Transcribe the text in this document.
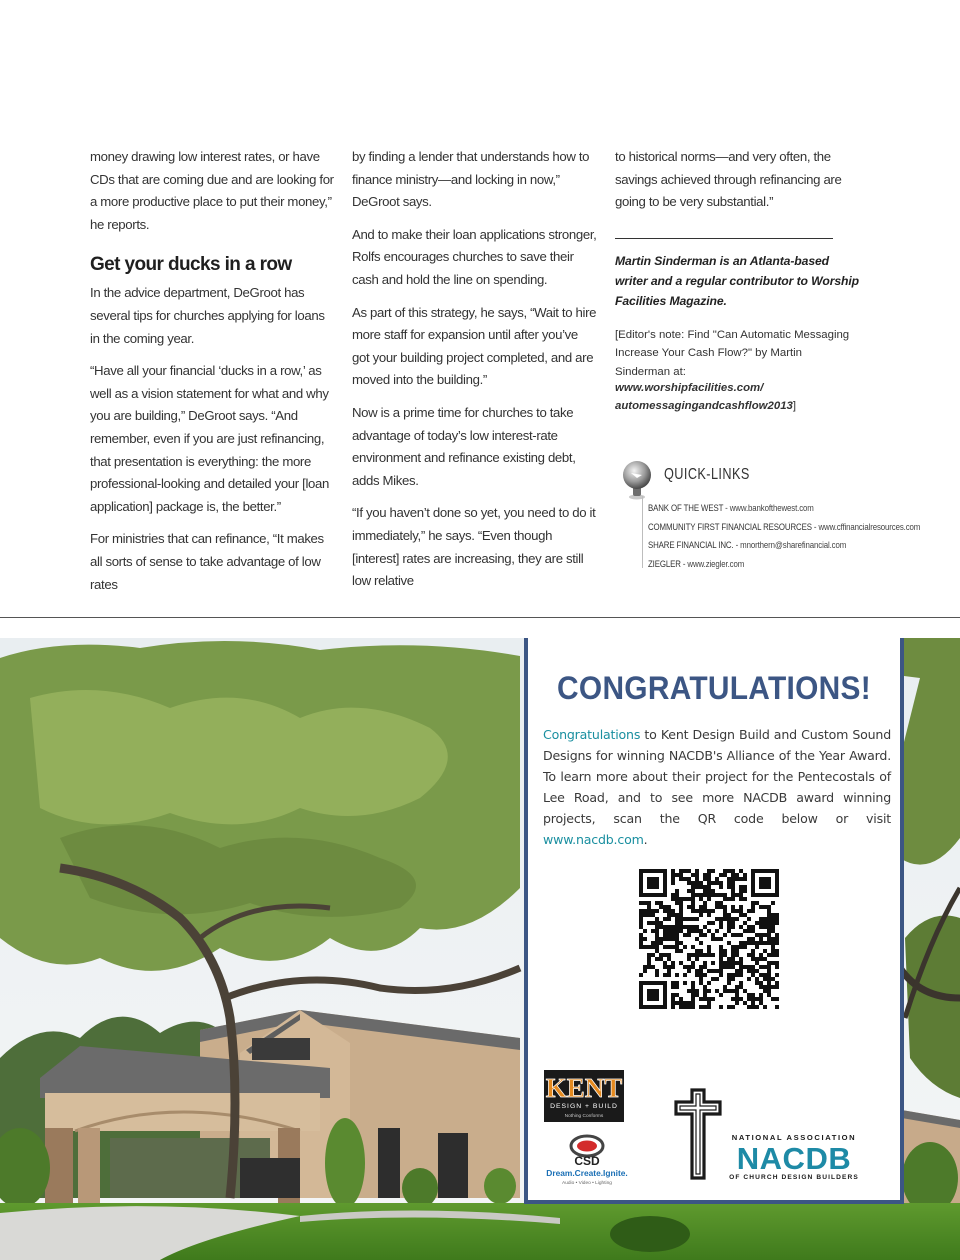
money drawing low interest rates, or have CDs that are coming due and are looking for a more productive place to put their money,” he reports.

Get your ducks in a row

In the advice department, DeGroot has several tips for churches applying for loans in the coming year.

“Have all your financial ‘ducks in a row,’ as well as a vision statement for what and why you are building,” DeGroot says. “And remember, even if you are just refinancing, that presentation is everything: the more professional-looking and detailed your [loan application] package is, the better.”

For ministries that can refinance, “It makes all sorts of sense to take advantage of low rates

by finding a lender that understands how to finance ministry—and locking in now,” DeGroot says.

And to make their loan applications stronger, Rolfs encourages churches to save their cash and hold the line on spending.

As part of this strategy, he says, “Wait to hire more staff for expansion until after you’ve got your building project completed, and are moved into the building.”

Now is a prime time for churches to take advantage of today’s low interest-rate environment and refinance existing debt, adds Mikes.

“If you haven’t done so yet, you need to do it immediately,” he says. “Even though [interest] rates are increasing, they are still low relative

to historical norms—and very often, the savings achieved through refinancing are going to be very substantial.”

Martin Sinderman is an Atlanta-based writer and a regular contributor to Worship Facilities Magazine.
[Editor's note: Find "Can Automatic Messaging Increase Your Cash Flow?" by Martin Sinderman at:
www.worshipfacilities.com/
automessagingandcashflow2013]
QUICK-LINKS
BANK OF THE WEST - www.bankofthewest.com
COMMUNITY FIRST FINANCIAL RESOURCES - www.cffinancialresources.com
SHARE FINANCIAL INC. - mnorthern@sharefinancial.com
ZIEGLER - www.ziegler.com
CONGRATULATIONS!
Congratulations to Kent Design Build and Custom Sound Designs for winning NACDB's Alliance of the Year Award. To learn more about their project for the Pentecostals of Lee Road, and to see more NACDB award winning projects, scan the QR code below or visit www.nacdb.com.
KENT
DESIGN + BUILD
Nothing Conforms
CSD
Dream.Create.Ignite.
Audio • Video • Lighting
NATIONAL ASSOCIATION
NACDB
OF CHURCH DESIGN BUILDERS
